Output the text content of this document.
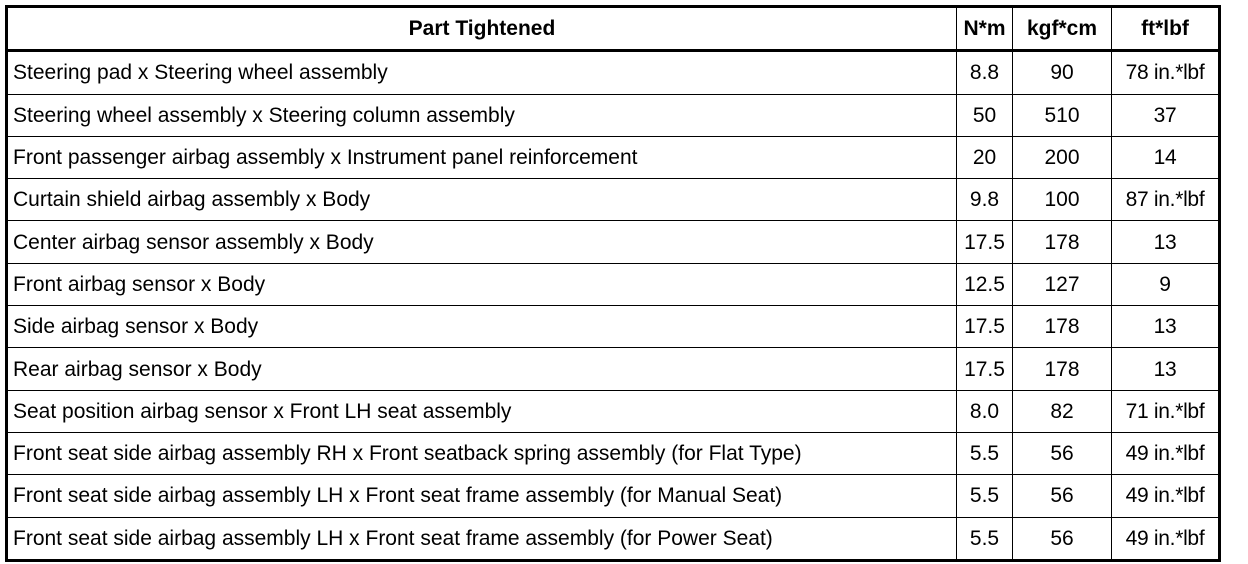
Part Tightened	N*m	kgf*cm	ft*lbf
Steering pad x Steering wheel assembly	8.8	90	78 in.*lbf
Steering wheel assembly x Steering column assembly	50	510	37
Front passenger airbag assembly x Instrument panel reinforcement	20	200	14
Curtain shield airbag assembly x Body	9.8	100	87 in.*lbf
Center airbag sensor assembly x Body	17.5	178	13
Front airbag sensor x Body	12.5	127	9
Side airbag sensor x Body	17.5	178	13
Rear airbag sensor x Body	17.5	178	13
Seat position airbag sensor x Front LH seat assembly	8.0	82	71 in.*lbf
Front seat side airbag assembly RH x Front seatback spring assembly (for Flat Type)	5.5	56	49 in.*lbf
Front seat side airbag assembly LH x Front seat frame assembly (for Manual Seat)	5.5	56	49 in.*lbf
Front seat side airbag assembly LH x Front seat frame assembly (for Power Seat)	5.5	56	49 in.*lbf
